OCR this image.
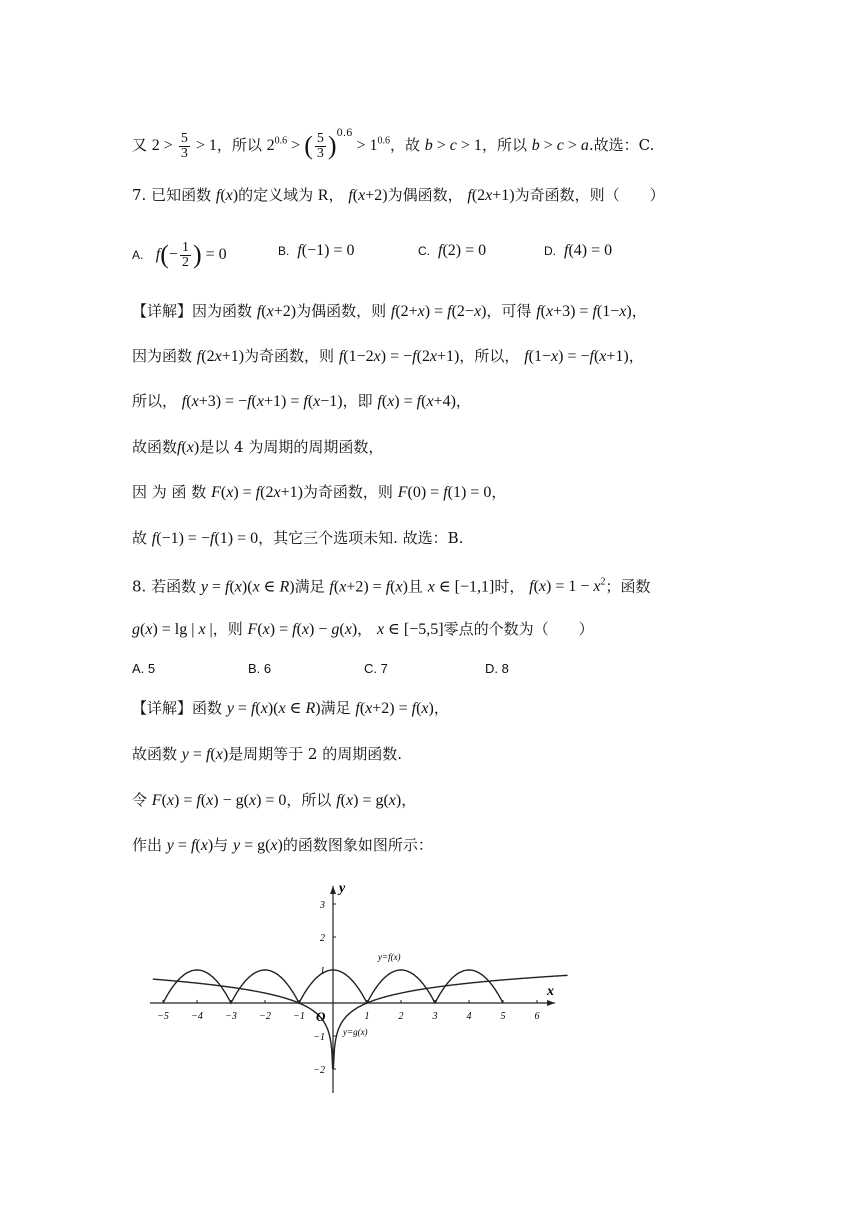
又 $2 > \frac{5}{3} > 1$，所以 $2^{0.6}$ > ( $\frac{5}{3} )^{0.6} > 1^{0.6}$，故 b > c > 1，所以 b > c > a.故选：C.
7. 已知函数 f(x)的定义域为 R， f(x+2)为偶函数， f(2x+1)为奇函数，则（　　）
A. $f(- \frac{1}{2}$ ) = 0	B. f(−1) = 0	C. f(2) = 0	D. f(4) = 0
【详解】因为函数 f(x+2)为偶函数，则 f(2+x) = f(2−x)，可得 f(x+3) = f(1−x)，
因为函数 f(2x+1)为奇函数，则 f(1−2x) = −f(2x+1)，所以， f(1−x) = −f(x+1)，
所以， f(x+3) = −f(x+1) = f(x−1)，即 f(x) = f(x+4)，
故函数f(x)是以 4 为周期的周期函数，
因 为 函 数 F(x) = f(2x+1)为奇函数，则 F(0) = f(1) = 0，
故 f(−1) = −f(1) = 0，其它三个选项未知. 故选：B.
8. 若函数 y = f(x)(x ∈ R)满足 f(x+2) = f(x)且 x ∈ [−1,1]时， $f(x) = 1 - x^2$；函数
g(x) = lg | x |，则 F(x) = f(x) − g(x)， x ∈ [−5,5]零点的个数为（　　）
A. 5	B. 6	C. 7	D. 8
【详解】函数 y = f(x)(x ∈ R)满足 f(x+2) = f(x)，
故函数 y = f(x)是周期等于 2 的周期函数.
令 F(x) = f(x) − g(x) = 0，所以 f(x) = g(x)，
作出 y = f(x)与 y = g(x)的函数图象如图所示：
−5 −4 −3 −2 −1	1	2	3	4	5	6
3
2
1
−1
−2
x
y
O
y=f(x)
y=g(x)
